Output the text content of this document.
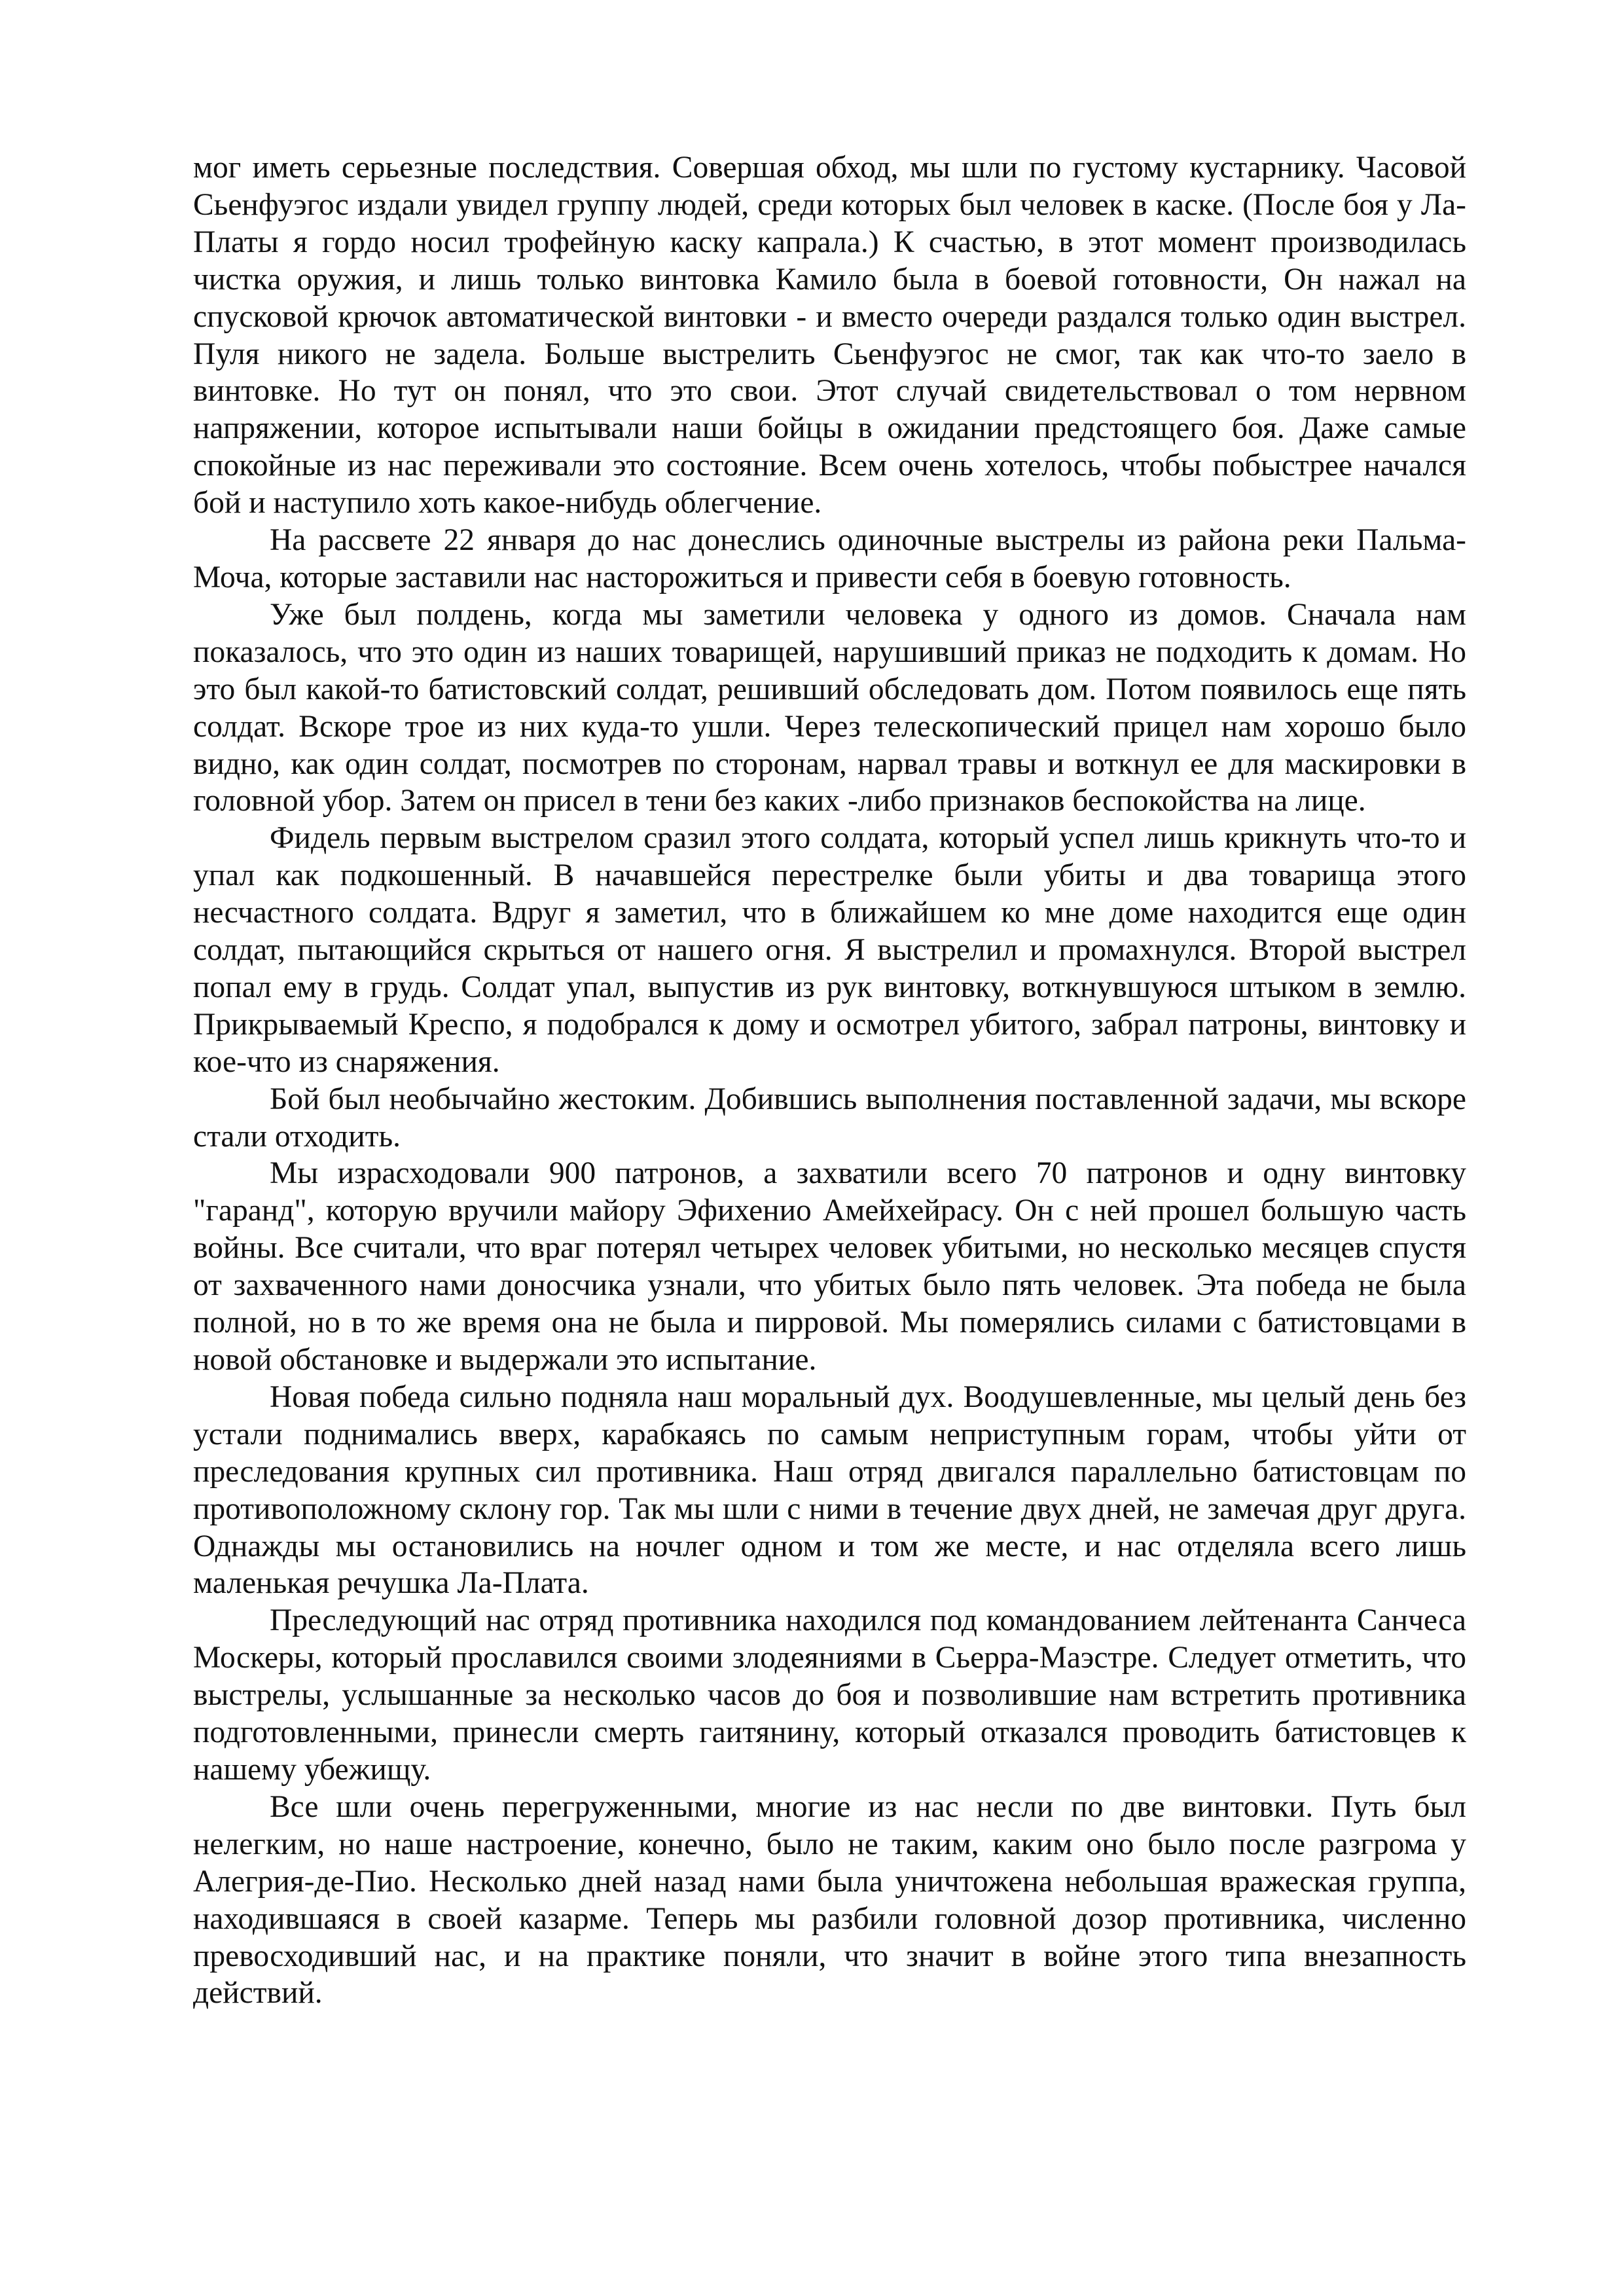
мог иметь серьезные последствия. Совершая обход, мы шли по густому кустарнику. Часовой Сьенфуэгос издали увидел группу людей, среди которых был человек в каске. (После боя у Ла-Платы я гордо носил трофейную каску капрала.) К счастью, в этот момент производилась чистка оружия, и лишь только винтовка Камило была в боевой готовности, Он нажал на спусковой крючок автоматической винтовки - и вместо очереди раздался только один выстрел. Пуля никого не задела. Больше выстрелить Сьенфуэгос не смог, так как что-то заело в винтовке. Но тут он понял, что это свои. Этот случай свидетельствовал о том нервном напряжении, которое испытывали наши бойцы в ожидании предстоящего боя. Даже самые спокойные из нас переживали это состояние. Всем очень хотелось, чтобы побыстрее начался бой и наступило хоть какое-нибудь облегчение.

На рассвете 22 января до нас донеслись одиночные выстрелы из района реки Пальма-Моча, которые заставили нас насторожиться и привести себя в боевую готовность.

Уже был полдень, когда мы заметили человека у одного из домов. Сначала нам показалось, что это один из наших товарищей, нарушивший приказ не подходить к домам. Но это был какой-то батистовский солдат, решивший обследовать дом. Потом появилось еще пять солдат. Вскоре трое из них куда-то ушли. Через телескопический прицел нам хорошо было видно, как один солдат, посмотрев по сторонам, нарвал травы и воткнул ее для маскировки в головной убор. Затем он присел в тени без каких -либо признаков беспокойства на лице.

Фидель первым выстрелом сразил этого солдата, который успел лишь крикнуть что-то и упал как подкошенный. В начавшейся перестрелке были убиты и два товарища этого несчастного солдата. Вдруг я заметил, что в ближайшем ко мне доме находится еще один солдат, пытающийся скрыться от нашего огня. Я выстрелил и промахнулся. Второй выстрел попал ему в грудь. Солдат упал, выпустив из рук винтовку, воткнувшуюся штыком в землю. Прикрываемый Креспо, я подобрался к дому и осмотрел убитого, забрал патроны, винтовку и кое-что из снаряжения.

Бой был необычайно жестоким. Добившись выполнения поставленной задачи, мы вскоре стали отходить.

Мы израсходовали 900 патронов, а захватили всего 70 патронов и одну винтовку "гаранд", которую вручили майору Эфихенио Амейхейрасу. Он с ней прошел большую часть войны. Все считали, что враг потерял четырех человек убитыми, но несколько месяцев спустя от захваченного нами доносчика узнали, что убитых было пять человек. Эта победа не была полной, но в то же время она не была и пирровой. Мы померялись силами с батистовцами в новой обстановке и выдержали это испытание.

Новая победа сильно подняла наш моральный дух. Воодушевленные, мы целый день без устали поднимались вверх, карабкаясь по самым неприступным горам, чтобы уйти от преследования крупных сил противника. Наш отряд двигался параллельно батистовцам по противоположному склону гор. Так мы шли с ними в течение двух дней, не замечая друг друга. Однажды мы остановились на ночлег одном и том же месте, и нас отделяла всего лишь маленькая речушка Ла-Плата.

Преследующий нас отряд противника находился под командованием лейтенанта Санчеса Москеры, который прославился своими злодеяниями в Сьерра-Маэстре. Следует отметить, что выстрелы, услышанные за несколько часов до боя и позволившие нам встретить противника подготовленными, принесли смерть гаитянину, который отказался проводить батистовцев к нашему убежищу.

Все шли очень перегруженными, многие из нас несли по две винтовки. Путь был нелегким, но наше настроение, конечно, было не таким, каким оно было после разгрома у Алегрия-де-Пио. Несколько дней назад нами была уничтожена небольшая вражеская группа, находившаяся в своей казарме. Теперь мы разбили головной дозор противника, численно превосходивший нас, и на практике поняли, что значит в войне этого типа внезапность действий.
